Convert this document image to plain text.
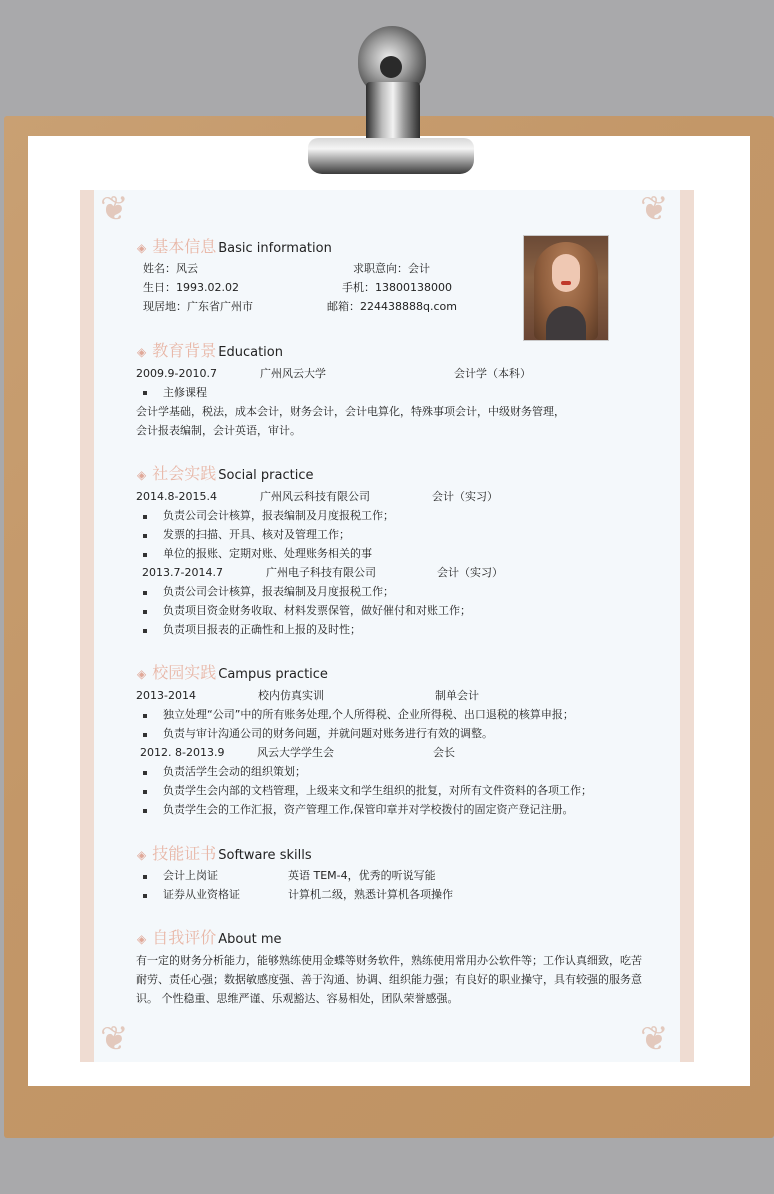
❦	❦
❦	❦
◈ 基本信息 Basic information
姓名：风云	求职意向：会计
生日：1993.02.02	手机：13800138000
现居地：广东省广州市	邮箱：224438888q.com
◈ 教育背景 Education
2009.9-2010.7	广州风云大学	会计学（本科）
主修课程
会计学基础，税法，成本会计，财务会计，会计电算化，特殊事项会计，中级财务管理，
会计报表编制，会计英语，审计。
◈ 社会实践 Social practice
2014.8-2015.4	广州风云科技有限公司	会计（实习）
负责公司会计核算，报表编制及月度报税工作；
发票的扫描、开具、核对及管理工作；
单位的报账、定期对账、处理账务相关的事
2013.7-2014.7	广州电子科技有限公司	会计（实习）
负责公司会计核算，报表编制及月度报税工作；
负责项目资金财务收取、材料发票保管，做好催付和对账工作；
负责项目报表的正确性和上报的及时性；
◈ 校园实践 Campus practice
2013-2014	校内仿真实训	制单会计
独立处理“公司”中的所有账务处理,个人所得税、企业所得税、出口退税的核算申报；
负责与审计沟通公司的财务问题，并就问题对账务进行有效的调整。
2012. 8-2013.9	风云大学学生会	会长
负责活学生会动的组织策划；
负责学生会内部的文档管理，上级来文和学生组织的批复，对所有文件资料的各项工作；
负责学生会的工作汇报，资产管理工作,保管印章并对学校拨付的固定资产登记注册。
◈ 技能证书 Software skills
会计上岗证	英语 TEM-4，优秀的听说写能
证券从业资格证	计算机二级，熟悉计算机各项操作
◈ 自我评价 About me
有一定的财务分析能力，能够熟练使用金蝶等财务软件，熟练使用常用办公软件等；工作认真细致，吃苦
耐劳、责任心强；数据敏感度强、善于沟通、协调、组织能力强；有良好的职业操守，具有较强的服务意
识。 个性稳重、思维严谨、乐观豁达、容易相处，团队荣誉感强。
